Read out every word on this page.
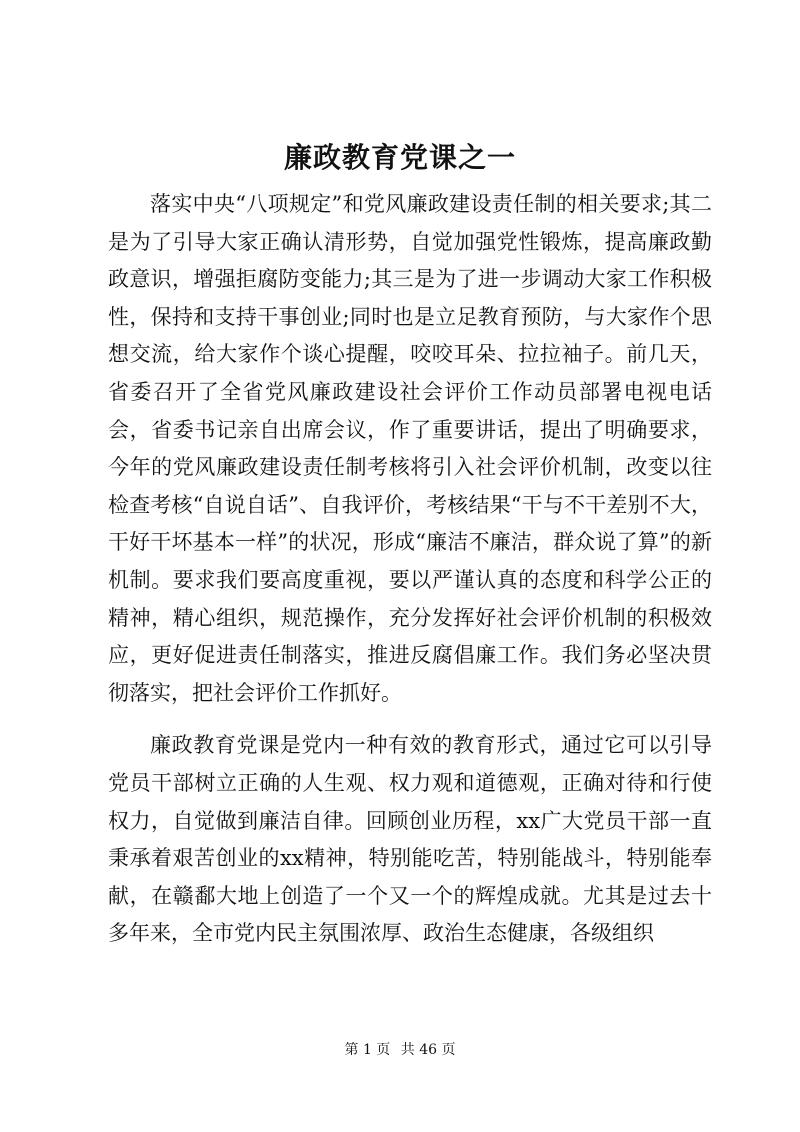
廉政教育党课之一

落实中央“八项规定”和党风廉政建设责任制的相关要求;其二是为了引导大家正确认清形势，自觉加强党性锻炼，提高廉政勤政意识，增强拒腐防变能力;其三是为了进一步调动大家工作积极性，保持和支持干事创业;同时也是立足教育预防，与大家作个思想交流，给大家作个谈心提醒，咬咬耳朵、拉拉袖子。前几天，省委召开了全省党风廉政建设社会评价工作动员部署电视电话会，省委书记亲自出席会议，作了重要讲话，提出了明确要求，今年的党风廉政建设责任制考核将引入社会评价机制，改变以往检查考核“自说自话”、自我评价，考核结果“干与不干差别不大，干好干坏基本一样”的状况，形成“廉洁不廉洁，群众说了算”的新机制。要求我们要高度重视，要以严谨认真的态度和科学公正的精神，精心组织，规范操作，充分发挥好社会评价机制的积极效应，更好促进责任制落实，推进反腐倡廉工作。我们务必坚决贯彻落实，把社会评价工作抓好。

廉政教育党课是党内一种有效的教育形式，通过它可以引导党员干部树立正确的人生观、权力观和道德观，正确对待和行使权力，自觉做到廉洁自律。回顾创业历程，xx广大党员干部一直秉承着艰苦创业的xx精神，特别能吃苦，特别能战斗，特别能奉献，在赣鄱大地上创造了一个又一个的辉煌成就。尤其是过去十多年来，全市党内民主氛围浓厚、政治生态健康，各级组织

第 1 页 共 46 页
